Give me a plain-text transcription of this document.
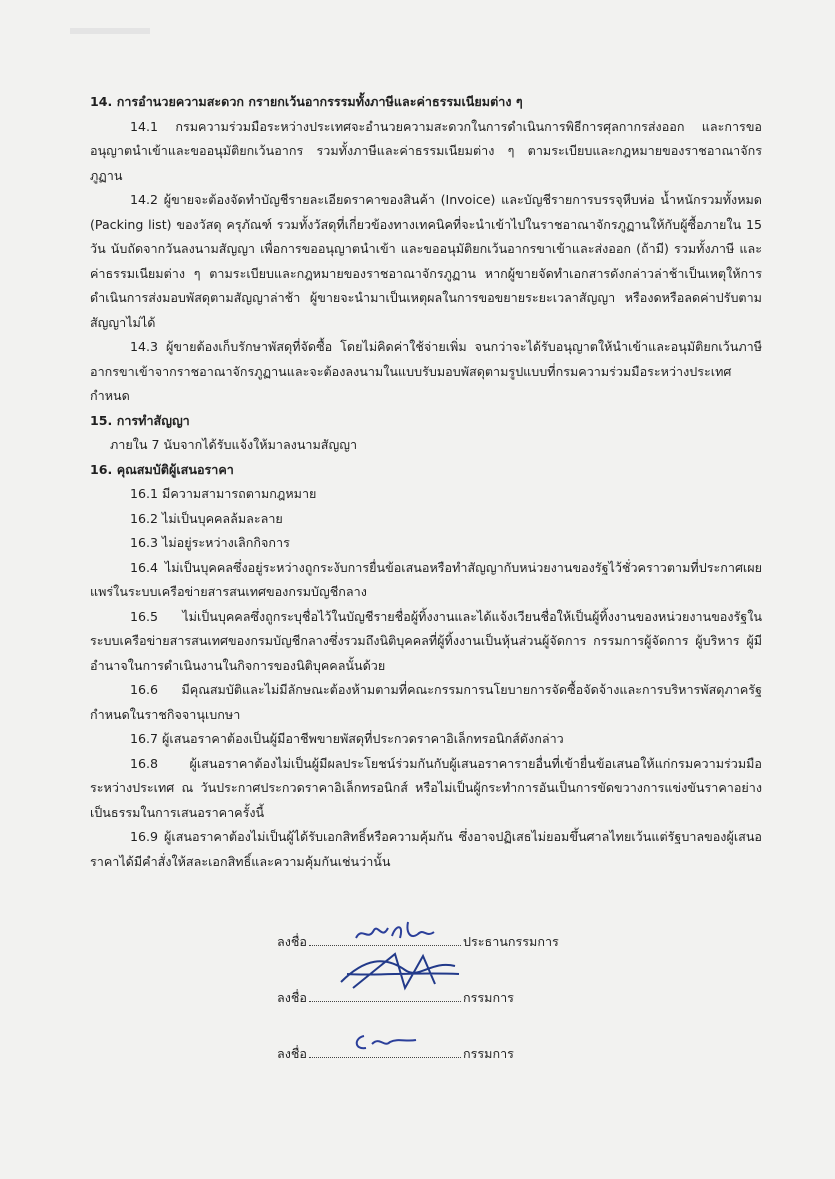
14. การอำนวยความสะดวก กรายกเว้นอากรรรมทั้งภาษีและค่าธรรมเนียมต่าง ๆ

14.1 กรมความร่วมมือระหว่างประเทศจะอำนวยความสะดวกในการดำเนินการพิธีการศุลกากรส่งออก และการขออนุญาตนำเข้าและขออนุมัติยกเว้นอากร รวมทั้งภาษีและค่าธรรมเนียมต่าง ๆ ตามระเบียบและกฎหมายของราชอาณาจักรภูฏาน

14.2 ผู้ขายจะต้องจัดทำบัญชีรายละเอียดราคาของสินค้า (Invoice) และบัญชีรายการบรรจุหีบห่อ น้ำหนักรวมทั้งหมด (Packing list) ของวัสดุ ครุภัณฑ์ รวมทั้งวัสดุที่เกี่ยวข้องทางเทคนิคที่จะนำเข้าไปในราชอาณาจักรภูฏานให้กับผู้ซื้อภายใน 15 วัน นับถัดจากวันลงนามสัญญา เพื่อการขออนุญาตนำเข้า และขออนุมัติยกเว้นอากรขาเข้าและส่งออก (ถ้ามี) รวมทั้งภาษี และค่าธรรมเนียมต่าง ๆ ตามระเบียบและกฎหมายของราชอาณาจักรภูฏาน หากผู้ขายจัดทำเอกสารดังกล่าวล่าช้าเป็นเหตุให้การดำเนินการส่งมอบพัสดุตามสัญญาล่าช้า ผู้ขายจะนำมาเป็นเหตุผลในการขอขยายระยะเวลาสัญญา หรืองดหรือลดค่าปรับตามสัญญาไม่ได้

14.3 ผู้ขายต้องเก็บรักษาพัสดุที่จัดซื้อ โดยไม่คิดค่าใช้จ่ายเพิ่ม จนกว่าจะได้รับอนุญาตให้นำเข้าและอนุมัติยกเว้นภาษีอากรขาเข้าจากราชอาณาจักรภูฏานและจะต้องลงนามในแบบรับมอบพัสดุตามรูปแบบที่กรมความร่วมมือระหว่างประเทศกำหนด

15. การทำสัญญา

ภายใน 7 นับจากได้รับแจ้งให้มาลงนามสัญญา

16. คุณสมบัติผู้เสนอราคา

16.1 มีความสามารถตามกฎหมาย

16.2 ไม่เป็นบุคคลล้มละลาย

16.3 ไม่อยู่ระหว่างเลิกกิจการ

16.4 ไม่เป็นบุคคลซึ่งอยู่ระหว่างถูกระงับการยื่นข้อเสนอหรือทำสัญญากับหน่วยงานของรัฐไว้ชั่วคราวตามที่ประกาศเผยแพร่ในระบบเครือข่ายสารสนเทศของกรมบัญชีกลาง

16.5 ไม่เป็นบุคคลซึ่งถูกระบุชื่อไว้ในบัญชีรายชื่อผู้ทิ้งงานและได้แจ้งเวียนชื่อให้เป็นผู้ทิ้งงานของหน่วยงานของรัฐในระบบเครือข่ายสารสนเทศของกรมบัญชีกลางซึ่งรวมถึงนิติบุคคลที่ผู้ทิ้งงานเป็นหุ้นส่วนผู้จัดการ กรรมการผู้จัดการ ผู้บริหาร ผู้มีอำนาจในการดำเนินงานในกิจการของนิติบุคคลนั้นด้วย

16.6 มีคุณสมบัติและไม่มีลักษณะต้องห้ามตามที่คณะกรรมการนโยบายการจัดซื้อจัดจ้างและการบริหารพัสดุภาครัฐกำหนดในราชกิจจานุเบกษา

16.7 ผู้เสนอราคาต้องเป็นผู้มีอาชีพขายพัสดุที่ประกวดราคาอิเล็กทรอนิกส์ดังกล่าว

16.8 ผู้เสนอราคาต้องไม่เป็นผู้มีผลประโยชน์ร่วมกันกับผู้เสนอราคารายอื่นที่เข้ายื่นข้อเสนอให้แก่กรมความร่วมมือระหว่างประเทศ ณ วันประกาศประกวดราคาอิเล็กทรอนิกส์ หรือไม่เป็นผู้กระทำการอันเป็นการขัดขวางการแข่งขันราคาอย่างเป็นธรรมในการเสนอราคาครั้งนี้

16.9 ผู้เสนอราคาต้องไม่เป็นผู้ได้รับเอกสิทธิ์หรือความคุ้มกัน ซึ่งอาจปฏิเสธไม่ยอมขึ้นศาลไทยเว้นแต่รัฐบาลของผู้เสนอราคาได้มีคำสั่งให้สละเอกสิทธิ์และความคุ้มกันเช่นว่านั้น

ลงชื่อ	ประธานกรรมการ
ลงชื่อ	กรรมการ
ลงชื่อ	กรรมการ
